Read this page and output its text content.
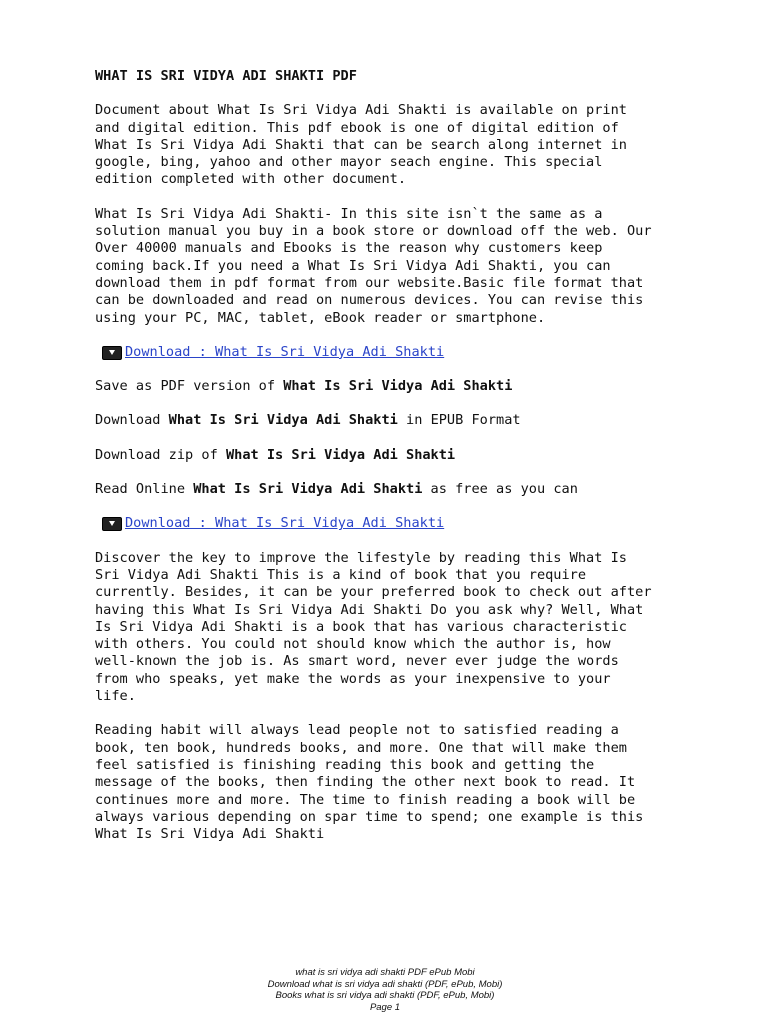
WHAT IS SRI VIDYA ADI SHAKTI PDF

Document about What Is Sri Vidya Adi Shakti is available on print
and digital edition. This pdf ebook is one of digital edition of
What Is Sri Vidya Adi Shakti that can be search along internet in
google, bing, yahoo and other mayor seach engine. This special
edition completed with other document.

What Is Sri Vidya Adi Shakti- In this site isn`t the same as a
solution manual you buy in a book store or download off the web. Our
Over 40000 manuals and Ebooks is the reason why customers keep
coming back.If you need a What Is Sri Vidya Adi Shakti, you can
download them in pdf format from our website.Basic file format that
can be downloaded and read on numerous devices. You can revise this
using your PC, MAC, tablet, eBook reader or smartphone.

Download : What Is Sri Vidya Adi Shakti

Save as PDF version of What Is Sri Vidya Adi Shakti

Download What Is Sri Vidya Adi Shakti in EPUB Format

Download zip of What Is Sri Vidya Adi Shakti

Read Online What Is Sri Vidya Adi Shakti as free as you can

Download : What Is Sri Vidya Adi Shakti

Discover the key to improve the lifestyle by reading this What Is
Sri Vidya Adi Shakti This is a kind of book that you require
currently. Besides, it can be your preferred book to check out after
having this What Is Sri Vidya Adi Shakti Do you ask why? Well, What
Is Sri Vidya Adi Shakti is a book that has various characteristic
with others. You could not should know which the author is, how
well-known the job is. As smart word, never ever judge the words
from who speaks, yet make the words as your inexpensive to your
life.

Reading habit will always lead people not to satisfied reading a
book, ten book, hundreds books, and more. One that will make them
feel satisfied is finishing reading this book and getting the
message of the books, then finding the other next book to read. It
continues more and more. The time to finish reading a book will be
always various depending on spar time to spend; one example is this
What Is Sri Vidya Adi Shakti

what is sri vidya adi shakti PDF ePub Mobi
Download what is sri vidya adi shakti (PDF, ePub, Mobi)
Books what is sri vidya adi shakti (PDF, ePub, Mobi)
Page 1
